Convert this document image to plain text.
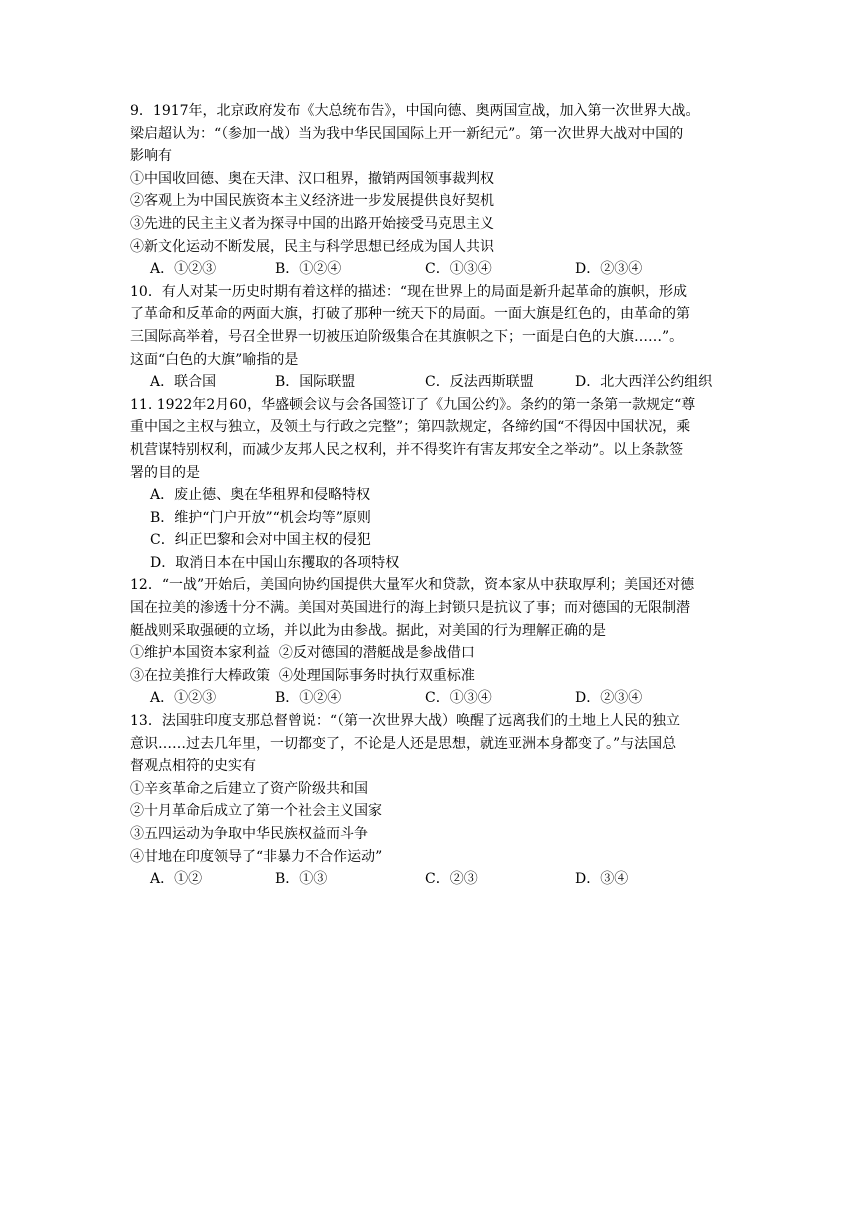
9．1917年，北京政府发布《大总统布告》，中国向德、奥两国宣战，加入第一次世界大战。
梁启超认为：“（参加一战）当为我中华民国国际上开一新纪元”。第一次世界大战对中国的
影响有
①中国收回德、奥在天津、汉口租界，撤销两国领事裁判权
②客观上为中国民族资本主义经济进一步发展提供良好契机
③先进的民主主义者为探寻中国的出路开始接受马克思主义
④新文化运动不断发展，民主与科学思想已经成为国人共识
A．①②③	B．①②④	C．①③④	D．②③④
10．有人对某一历史时期有着这样的描述：“现在世界上的局面是新升起革命的旗帜，形成
了革命和反革命的两面大旗，打破了那种一统天下的局面。一面大旗是红色的，由革命的第
三国际高举着，号召全世界一切被压迫阶级集合在其旗帜之下；一面是白色的大旗……”。
这面“白色的大旗”喻指的是
A．联合国	B．国际联盟	C．反法西斯联盟	D．北大西洋公约组织
11. 1922年2月60，华盛顿会议与会各国签订了《九国公约》。条约的第一条第一款规定“尊
重中国之主权与独立，及领土与行政之完整”；第四款规定，各缔约国“不得因中国状况，乘
机营谋特别权利，而减少友邦人民之权利，并不得奖许有害友邦安全之举动”。以上条款签
署的目的是
A．废止德、奥在华租界和侵略特权
B．维护“门户开放”“机会均等”原则
C．纠正巴黎和会对中国主权的侵犯
D．取消日本在中国山东攫取的各项特权
12．“一战”开始后，美国向协约国提供大量军火和贷款，资本家从中获取厚利；美国还对德
国在拉美的渗透十分不满。美国对英国进行的海上封锁只是抗议了事；而对德国的无限制潜
艇战则采取强硬的立场，并以此为由参战。据此，对美国的行为理解正确的是
①维护本国资本家利益  ②反对德国的潜艇战是参战借口
③在拉美推行大棒政策  ④处理国际事务时执行双重标准
A．①②③	B．①②④	C．①③④	D．②③④
13．法国驻印度支那总督曾说：“（第一次世界大战）唤醒了远离我们的土地上人民的独立
意识……过去几年里，一切都变了，不论是人还是思想，就连亚洲本身都变了。”与法国总
督观点相符的史实有
①辛亥革命之后建立了资产阶级共和国
②十月革命后成立了第一个社会主义国家
③五四运动为争取中华民族权益而斗争
④甘地在印度领导了“非暴力不合作运动”
A．①②	B．①③	C．②③	D．③④
